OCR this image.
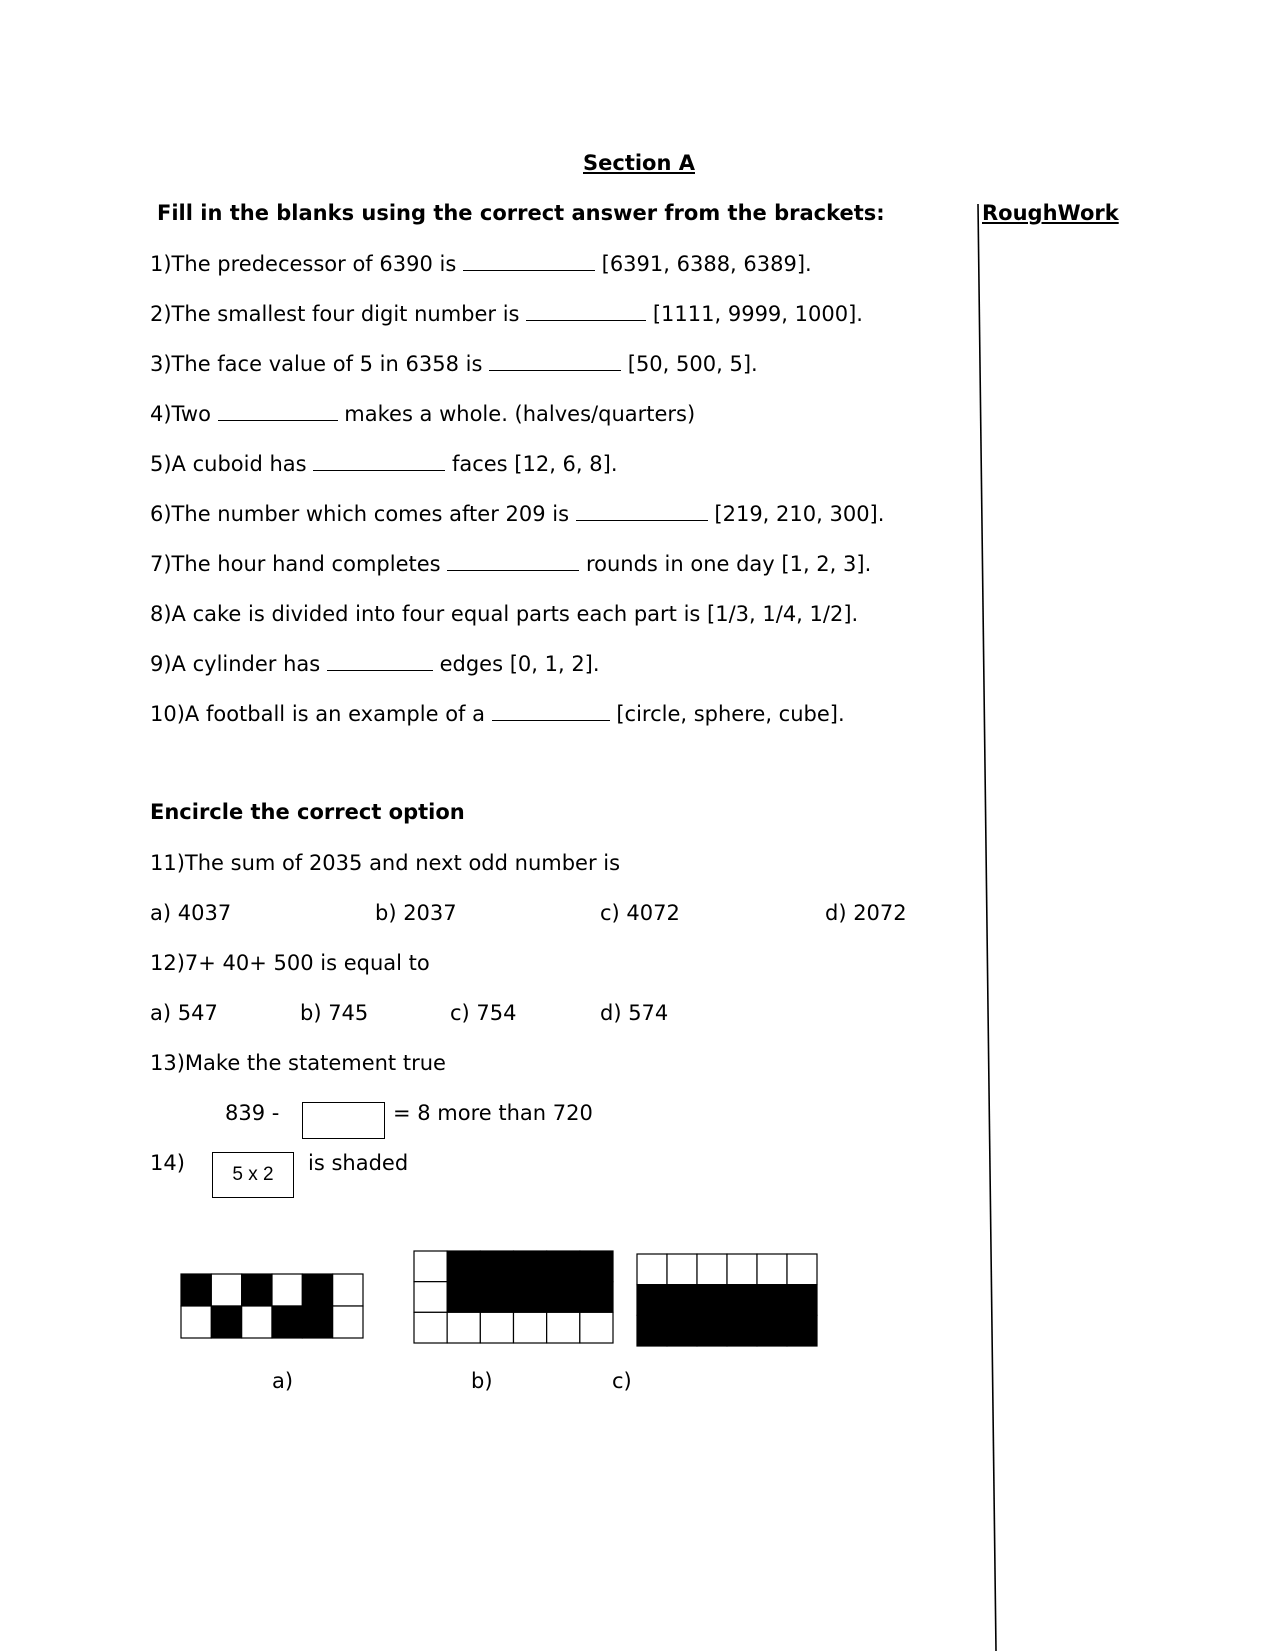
Section A
RoughWork
Fill in the blanks using the correct answer from the brackets:
1)The predecessor of 6390 is	[6391, 6388, 6389].
2)The smallest four digit number is	[1111, 9999, 1000].
3)The face value of 5 in 6358 is	[50, 500, 5].
4)Two	makes a whole. (halves/quarters)
5)A cuboid has	faces [12, 6, 8].
6)The number which comes after 209 is	[219, 210, 300].
7)The hour hand completes	rounds in one day [1, 2, 3].
8)A cake is divided into four equal parts each part is [1/3, 1/4, 1/2].
9)A cylinder has	edges [0, 1, 2].
10)A football is an example of a	[circle, sphere, cube].
Encircle the correct option
11)The sum of 2035 and next odd number is
a) 4037	b) 2037	c) 4072	d) 2072
12)7+ 40+ 500 is equal to
a) 547	b) 745	c) 754	d) 574
13)Make the statement true
839 -	= 8 more than 720
14) 5 x 2 is shaded
a)	b)	c)
